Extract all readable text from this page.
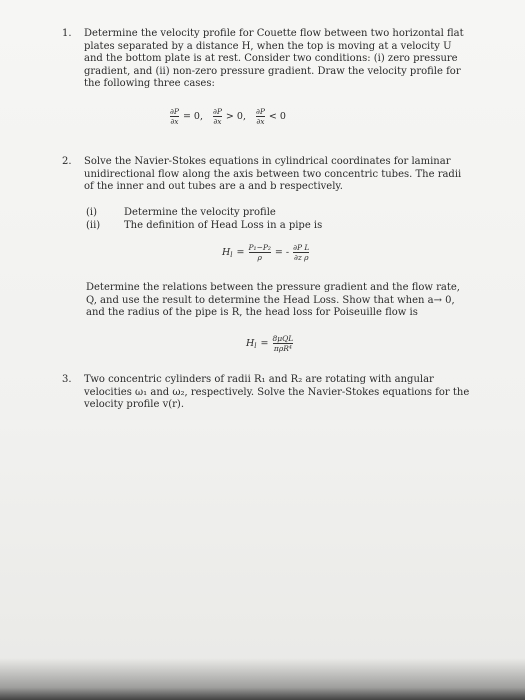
1. Determine the velocity profile for Couette flow between two horizontal flat plates separated by a distance H, when the top is moving at a velocity U and the bottom plate is at rest. Consider two conditions: (i) zero pressure gradient, and (ii) non-zero pressure gradient. Draw the velocity profile for the following three cases:
$\frac{\partial P}{\partial x} = 0$, $\frac{\partial P}{\partial x} > 0$, $\frac{\partial P}{\partial x} < 0$
2. Solve the Navier-Stokes equations in cylindrical coordinates for laminar unidirectional flow along the axis between two concentric tubes. The radii of the inner and out tubes are a and b respectively.
(i)	Determine the velocity profile
(ii)	The definition of Head Loss in a pipe is
$H_l = \frac{\text{P₁−P₂}}{\rho}$ = - $\frac{\text{∂P L}}{\text{∂z ρ}}$
Determine the relations between the pressure gradient and the flow rate, Q, and use the result to determine the Head Loss. Show that when a→ 0, and the radius of the pipe is R, the head loss for Poiseuille flow is
$H_l = \frac{\text{8μQL}}{\text{πρR⁴}}$
3. Two concentric cylinders of radii R₁ and R₂ are rotating with angular velocities ω₁ and ω₂, respectively. Solve the Navier-Stokes equations for the velocity profile v(r).
